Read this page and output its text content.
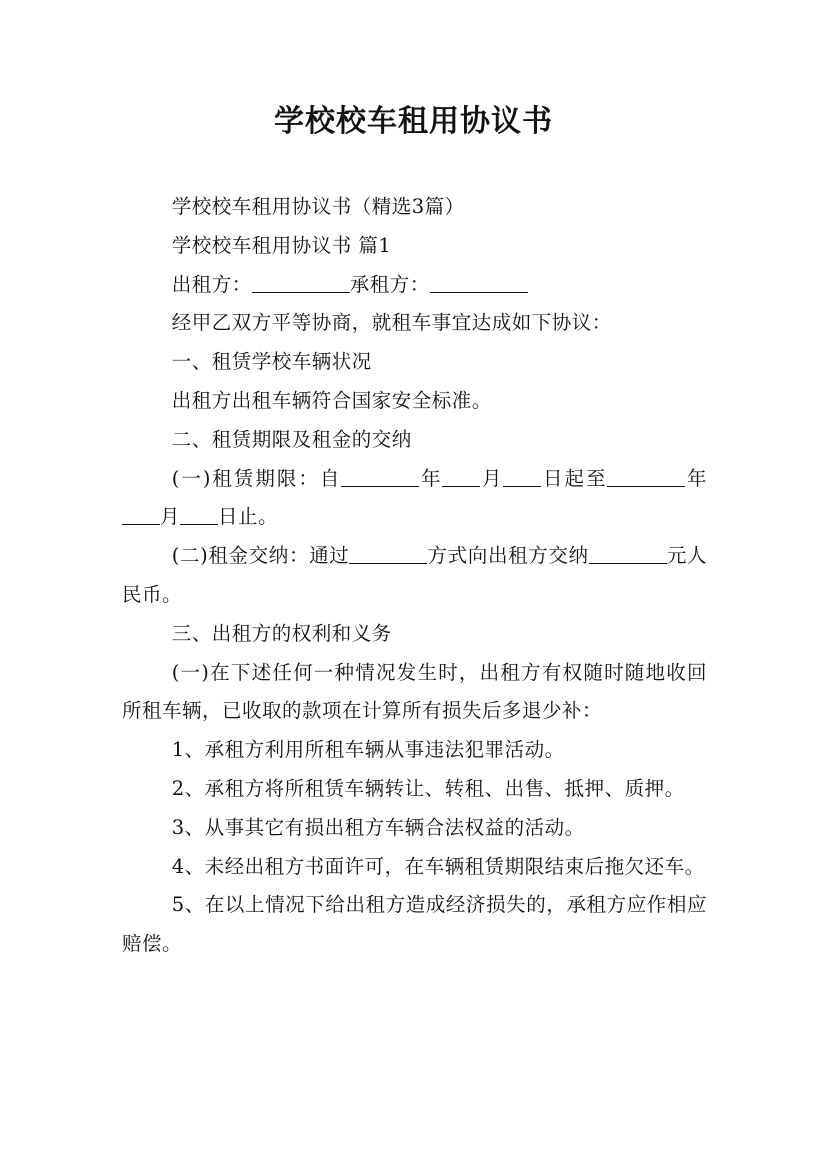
学校校车租用协议书

学校校车租用协议书（精选3篇）

学校校车租用协议书 篇1

出租方：	承租方：

经甲乙双方平等协商，就租车事宜达成如下协议：

一、租赁学校车辆状况

出租方出租车辆符合国家安全标准。

二、租赁期限及租金的交纳

(一)租赁期限：自	年 月 日起至	年月 日止。

(二)租金交纳：通过	方式向出租方交纳	元人民币。

三、出租方的权利和义务

(一)在下述任何一种情况发生时，出租方有权随时随地收回所租车辆，已收取的款项在计算所有损失后多退少补：

1、承租方利用所租车辆从事违法犯罪活动。

2、承租方将所租赁车辆转让、转租、出售、抵押、质押。

3、从事其它有损出租方车辆合法权益的活动。

4、未经出租方书面许可，在车辆租赁期限结束后拖欠还车。

5、在以上情况下给出租方造成经济损失的，承租方应作相应赔偿。
